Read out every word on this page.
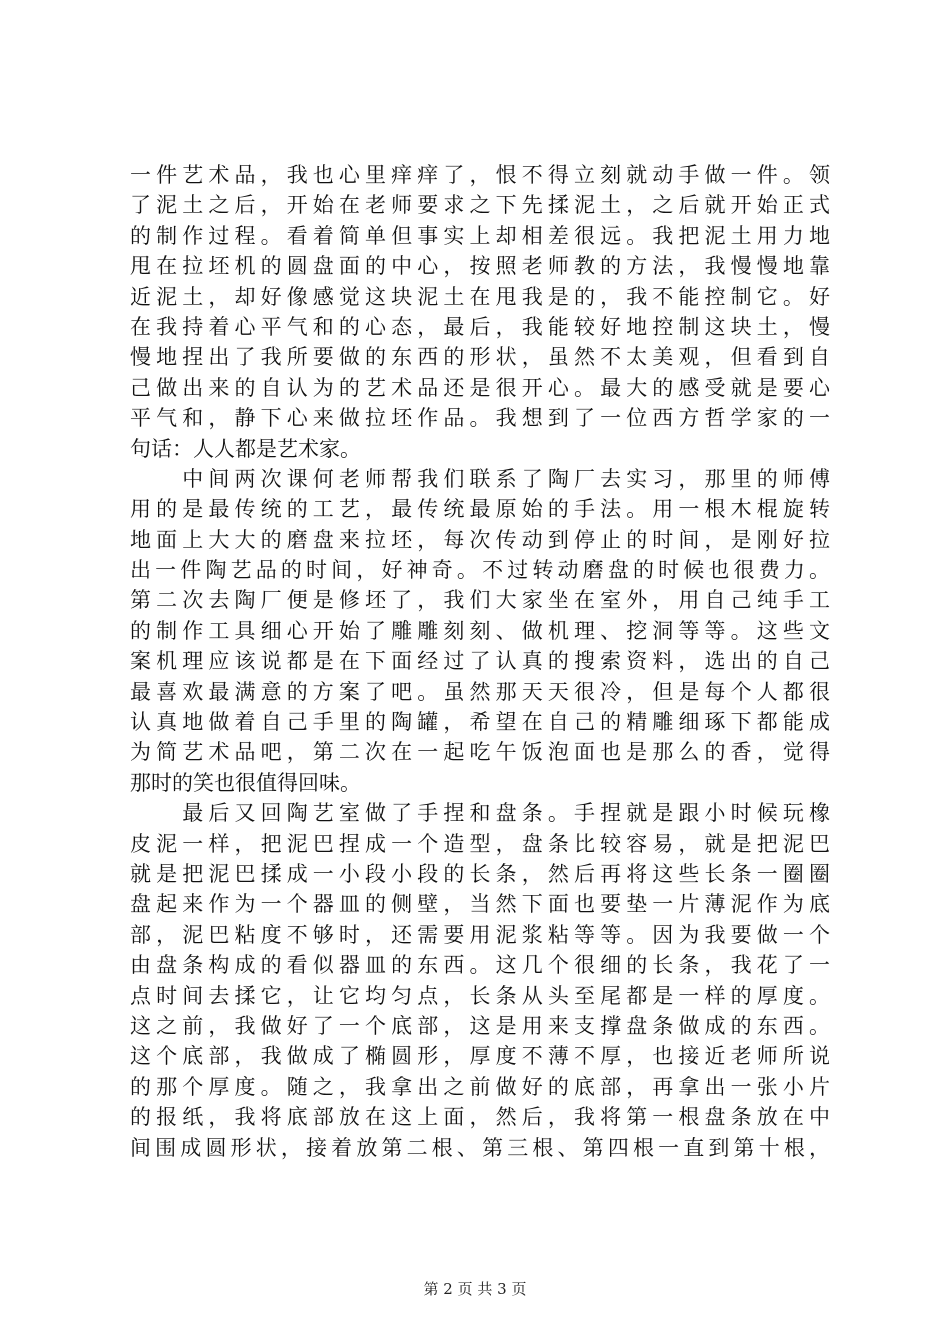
一件艺术品，我也心里痒痒了，恨不得立刻就动手做一件。领
了泥土之后，开始在老师要求之下先揉泥土，之后就开始正式
的制作过程。看着简单但事实上却相差很远。我把泥土用力地
甩在拉坯机的圆盘面的中心，按照老师教的方法，我慢慢地靠
近泥土，却好像感觉这块泥土在甩我是的，我不能控制它。好
在我持着心平气和的心态，最后，我能较好地控制这块土，慢
慢地捏出了我所要做的东西的形状，虽然不太美观，但看到自
己做出来的自认为的艺术品还是很开心。最大的感受就是要心
平气和，静下心来做拉坯作品。我想到了一位西方哲学家的一
句话：人人都是艺术家。
　　中间两次课何老师帮我们联系了陶厂去实习，那里的师傅
用的是最传统的工艺，最传统最原始的手法。用一根木棍旋转
地面上大大的磨盘来拉坯，每次传动到停止的时间，是刚好拉
出一件陶艺品的时间，好神奇。不过转动磨盘的时候也很费力。
第二次去陶厂便是修坯了，我们大家坐在室外，用自己纯手工
的制作工具细心开始了雕雕刻刻、做机理、挖洞等等。这些文
案机理应该说都是在下面经过了认真的搜索资料，选出的自己
最喜欢最满意的方案了吧。虽然那天天很冷，但是每个人都很
认真地做着自己手里的陶罐，希望在自己的精雕细琢下都能成
为简艺术品吧，第二次在一起吃午饭泡面也是那么的香，觉得
那时的笑也很值得回味。
　　最后又回陶艺室做了手捏和盘条。手捏就是跟小时候玩橡
皮泥一样，把泥巴捏成一个造型，盘条比较容易，就是把泥巴
就是把泥巴揉成一小段小段的长条，然后再将这些长条一圈圈
盘起来作为一个器皿的侧壁，当然下面也要垫一片薄泥作为底
部，泥巴粘度不够时，还需要用泥浆粘等等。因为我要做一个
由盘条构成的看似器皿的东西。这几个很细的长条，我花了一
点时间去揉它，让它均匀点，长条从头至尾都是一样的厚度。
这之前，我做好了一个底部，这是用来支撑盘条做成的东西。
这个底部，我做成了椭圆形，厚度不薄不厚，也接近老师所说
的那个厚度。随之，我拿出之前做好的底部，再拿出一张小片
的报纸，我将底部放在这上面，然后，我将第一根盘条放在中
间围成圆形状，接着放第二根、第三根、第四根一直到第十根，
第 2 页 共 3 页
